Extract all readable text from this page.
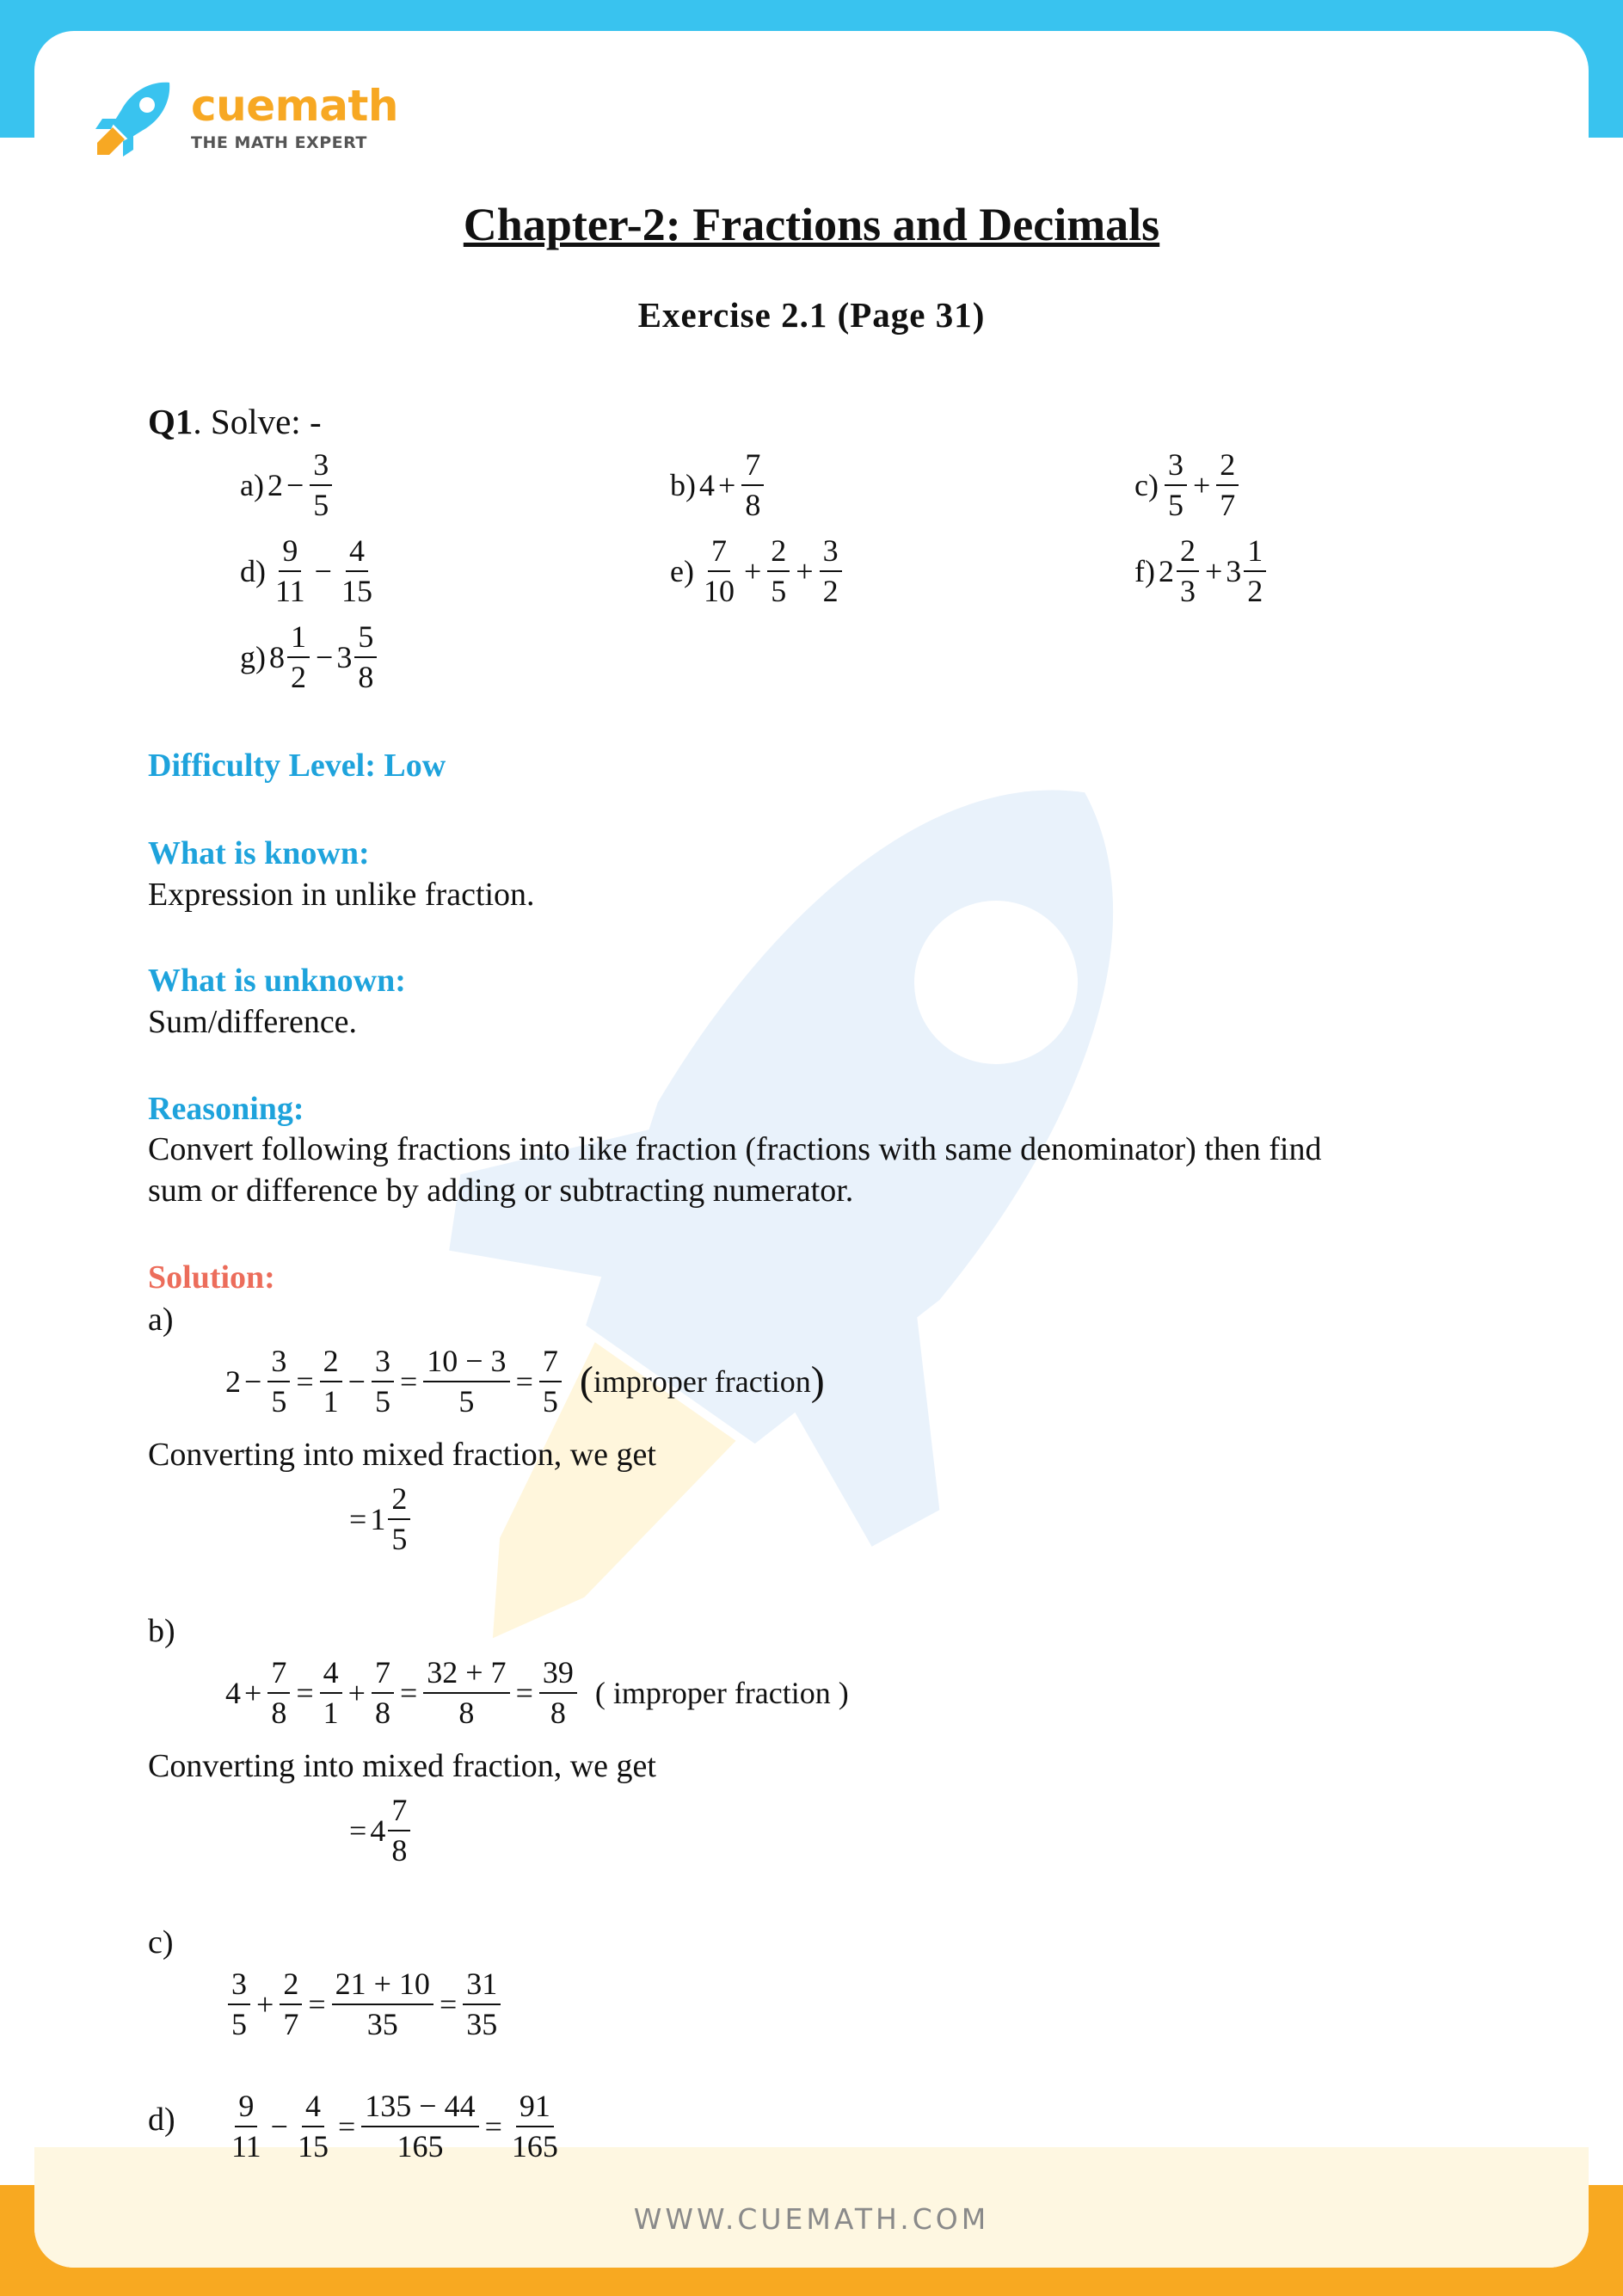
cuemath
THE MATH EXPERT
Chapter-2: Fractions and Decimals
Exercise 2.1 (Page 31)
Q1. Solve: -
a) $2 - \frac{3}{5}$	b) $4 + \frac{7}{8}$	$c) \frac{3}{5} + \frac{2}{7}$
$d) \frac{9}{11} - \frac{4}{15}$	$e) \frac{7}{10} + \frac{2}{5} + \frac{3}{2}$	f) $2 \frac{2}{3} + 3 \frac{1}{2}$
g) $8 \frac{1}{2} - 3 \frac{5}{8}$
Difficulty Level: Low
What is known:
Expression in unlike fraction.
What is unknown:
Sum/difference.
Reasoning:
Convert following fractions into like fraction (fractions with same denominator) then find
sum or difference by adding or subtracting numerator.
Solution:
a)
$2 - \frac{3}{5} = \frac{2}{1} - \frac{3}{5} = \frac{10 - 3}{5} = \frac{7}{5}$ ( improper fraction )
Converting into mixed fraction, we get
= $1 \frac{2}{5}$
b)
$4 + \frac{7}{8} = \frac{4}{1} + \frac{7}{8} = \frac{32 + 7}{8} = \frac{39}{8}$ ( improper fraction )
Converting into mixed fraction, we get
= $4 \frac{7}{8}$
c)
$\frac{3}{5} + \frac{2}{7} = \frac{21 + 10}{35} = \frac{31}{35}$
$d) \frac{9}{11} - \frac{4}{15} = \frac{135 - 44}{165} = \frac{91}{165}$
WWW.CUEMATH.COM
